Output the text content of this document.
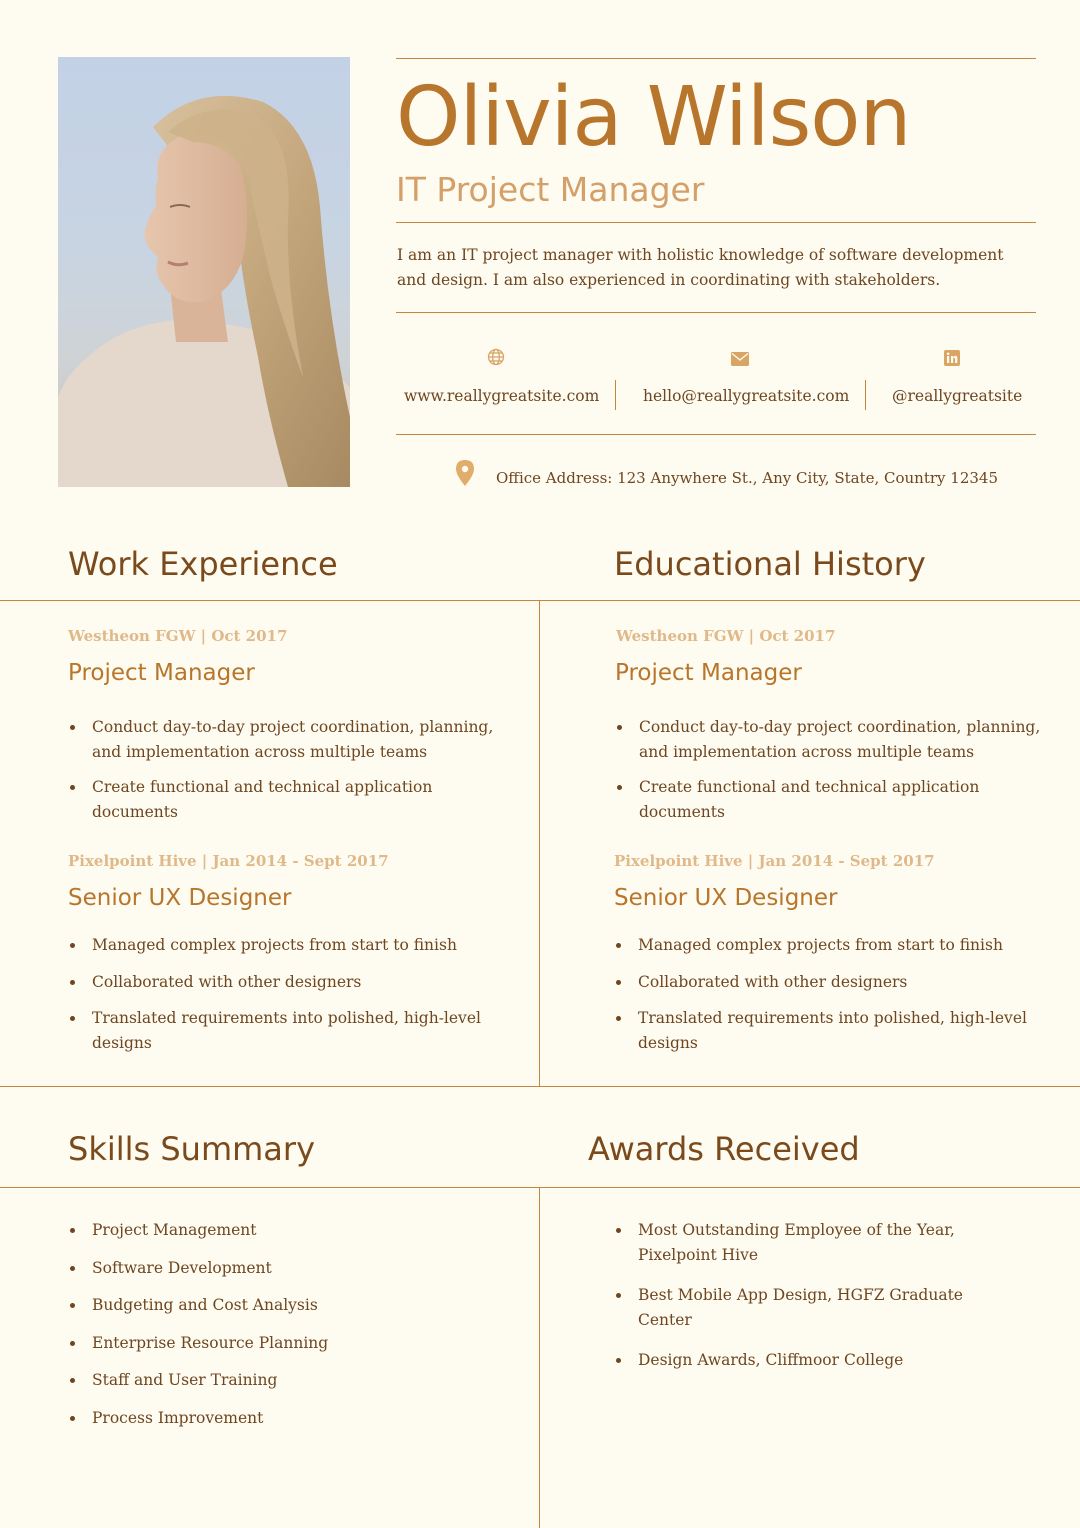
Olivia Wilson
IT Project Manager
I am an IT project manager with holistic knowledge of software development and design. I am also experienced in coordinating with stakeholders.
www.reallygreatsite.com	hello@reallygreatsite.com	@reallygreatsite
Office Address: 123 Anywhere St., Any City, State, Country 12345
Work Experience	Educational History
Westheon FGW | Oct 2017
Project Manager
Conduct day-to-day project coordination, planning, and implementation across multiple teams
Create functional and technical application documents
Pixelpoint Hive | Jan 2014 - Sept 2017
Senior UX Designer
Managed complex projects from start to finish
Collaborated with other designers
Translated requirements into polished, high-level designs
Westheon FGW | Oct 2017
Project Manager
Conduct day-to-day project coordination, planning, and implementation across multiple teams
Create functional and technical application documents
Pixelpoint Hive | Jan 2014 - Sept 2017
Senior UX Designer
Managed complex projects from start to finish
Collaborated with other designers
Translated requirements into polished, high-level designs
Skills Summary	Awards Received
Project Management
Software Development
Budgeting and Cost Analysis
Enterprise Resource Planning
Staff and User Training
Process Improvement
Most Outstanding Employee of the Year, Pixelpoint Hive
Best Mobile App Design, HGFZ Graduate Center
Design Awards, Cliffmoor College
